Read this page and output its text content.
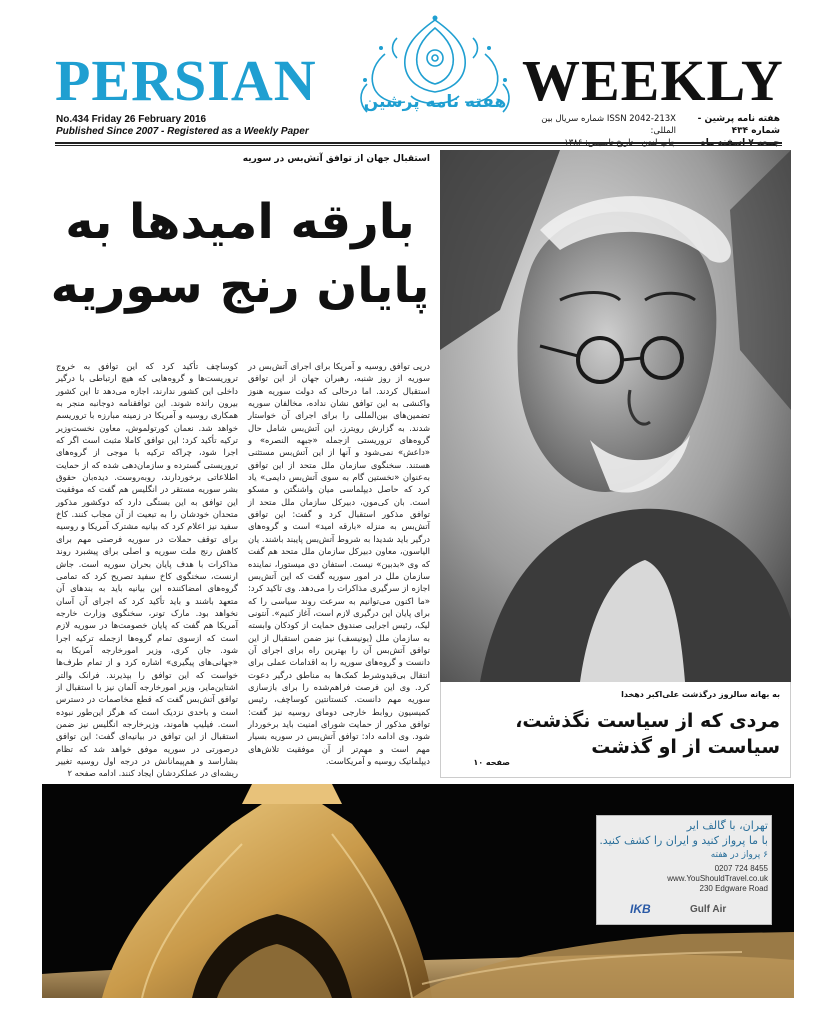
PERSIAN	هفته نامه پرشین WEEKLY
No.434 Friday 26 February 2016
Published Since 2007 - Registered as a Weekly Paper
ISSN 2042-213X شماره سریال بین المللی:
هفته نامه پرشین - شماره ۴۳۴
استقبال جهان از توافق آتش‌بس در سوریه
بارقه امیدها به
پایان رنج سوریه
درپی توافق روسیه و آمریکا برای اجرای آتش‌بس در سوریه از روز شنبه، رهبران جهان از این توافق استقبال کردند. اما درحالی که دولت سوریه هنوز واکنشی به این توافق نشان نداده، مخالفان سوریه تضمین‌های بین‌المللی را برای اجرای آن خواستار شدند. به گزارش رویترز، این آتش‌بس شامل حال گروه‌های تروریستی ازجمله «جبهه النصره» و «داعش» نمی‌شود و آنها از این آتش‌بس مستثنی هستند. سخنگوی سازمان ملل متحد از این توافق به‌عنوان «نخستین گام به سوی آتش‌بس دایمی» یاد کرد که حاصل دیپلماسی میان واشنگتن و مسکو است. بان کی‌مون، دبیرکل سازمان ملل متحد از توافق مذکور استقبال کرد و گفت: این توافق آتش‌بس به منزله «بارقه امید» است و گروه‌های درگیر باید شدیدا به شروط آتش‌بس پایبند باشند. یان الیاسون، معاون دبیرکل سازمان ملل متحد هم گفت که وی «بدبین» نیست. استفان دی میستورا، نماینده سازمان ملل در امور سوریه گفت که این آتش‌بس اجازه از سرگیری مذاکرات را می‌دهد. وی تاکید کرد: «ما اکنون می‌توانیم به سرعت روند سیاسی را که برای پایان این درگیری لازم است، آغاز کنیم». آنتونی لیک، رئیس اجرایی صندوق حمایت از کودکان وابسته به سازمان ملل (یونیسف) نیز ضمن استقبال از این توافق آتش‌بس آن را بهترین راه برای اجرای آن دانست و گروه‌های سوریه را به اقدامات عملی برای انتقال بی‌قیدوشرط کمک‌ها به مناطق درگیر دعوت کرد. وی این فرصت فراهم‌شده را برای بازسازی سوریه مهم دانست. کنستانتین کوساچف، رئیس کمیسیون روابط خارجی دومای روسیه نیز گفت: توافق مذکور از حمایت شورای امنیت باید برخوردار شود. وی ادامه داد: توافق آتش‌بس در سوریه بسیار مهم است و مهم‌تر از آن موفقیت تلاش‌های دیپلماتیک روسیه و آمریکاست.
کوساچف تأکید کرد که این توافق به خروج تروریست‌ها و گروه‌هایی که هیچ ارتباطی با درگیر داخلی این کشور ندارند، اجازه می‌دهد تا این کشور بیرون رانده شوند. این توافقنامه دوجانبه منجر به همکاری روسیه و آمریکا در زمینه مبارزه با تروریسم خواهد شد. نعمان کورتولموش، معاون نخست‌وزیر ترکیه تأکید کرد: این توافق کاملا مثبت است اگر که اجرا شود، چراکه ترکیه با موجی از گروه‌های تروریستی گسترده و سازمان‌دهی شده که از حمایت اطلاعاتی برخوردارند، روبه‌روست. دیده‌بان حقوق بشر سوریه مستقر در انگلیس هم گفت که موفقیت این توافق به این بستگی دارد که دوکشور مذکور متحدان خودشان را به تبعیت از آن مجاب کنند. کاخ سفید نیز اعلام کرد که بیانیه مشترک آمریکا و روسیه برای توقف حملات در سوریه فرصتی مهم برای کاهش رنج ملت سوریه و اصلی برای پیشبرد روند مذاکرات با هدف پایان بحران سوریه است. جاش ارنست، سخنگوی کاخ سفید تصریح کرد که تمامی گروه‌های امضاکننده این بیانیه باید به بندهای آن متعهد باشند و باید تأکید کرد که اجرای آن آسان نخواهد بود. مارک تونر، سخنگوی وزارت خارجه آمریکا هم گفت که پایان خصومت‌ها در سوریه لازم است که ازسوی تمام گروه‌ها ازجمله ترکیه اجرا شود. جان کری، وزیر امورخارجه آمریکا به «جهانی‌های پیگیری» اشاره کرد و از تمام طرف‌ها خواست که این توافق را بپذیرند. فرانک والتر اشتاین‌مایر، وزیر امورخارجه آلمان نیز با استقبال از توافق آتش‌بس گفت که قطع مخاصمات در دسترس است و باحدی نزدیک است که هرگز این‌طور نبوده است. فیلیپ هاموند، وزیرخارجه انگلیس نیز ضمن استقبال از این توافق در بیانیه‌ای گفت: این توافق درصورتی در سوریه موفق خواهد شد که تظام بشاراسد و هم‌پیمانانش در درجه اول روسیه تغییر ریشه‌ای در عملکردشان ایجاد کنند. ادامه صفحه ۲
به بهانه سالروز درگذشت علی‌اکبر دهخدا
مردی که از سیاست نگذشت،
سیاست از او گذشت
صفحه ۱۰
تهران، با گالف ایر
با ما پرواز کنید و ایران را کشف کنید.
۶ پرواز در هفته
0207 724 8455
www.YouShouldTravel.co.uk
230 Edgware Road
IKB	Gulf Air
